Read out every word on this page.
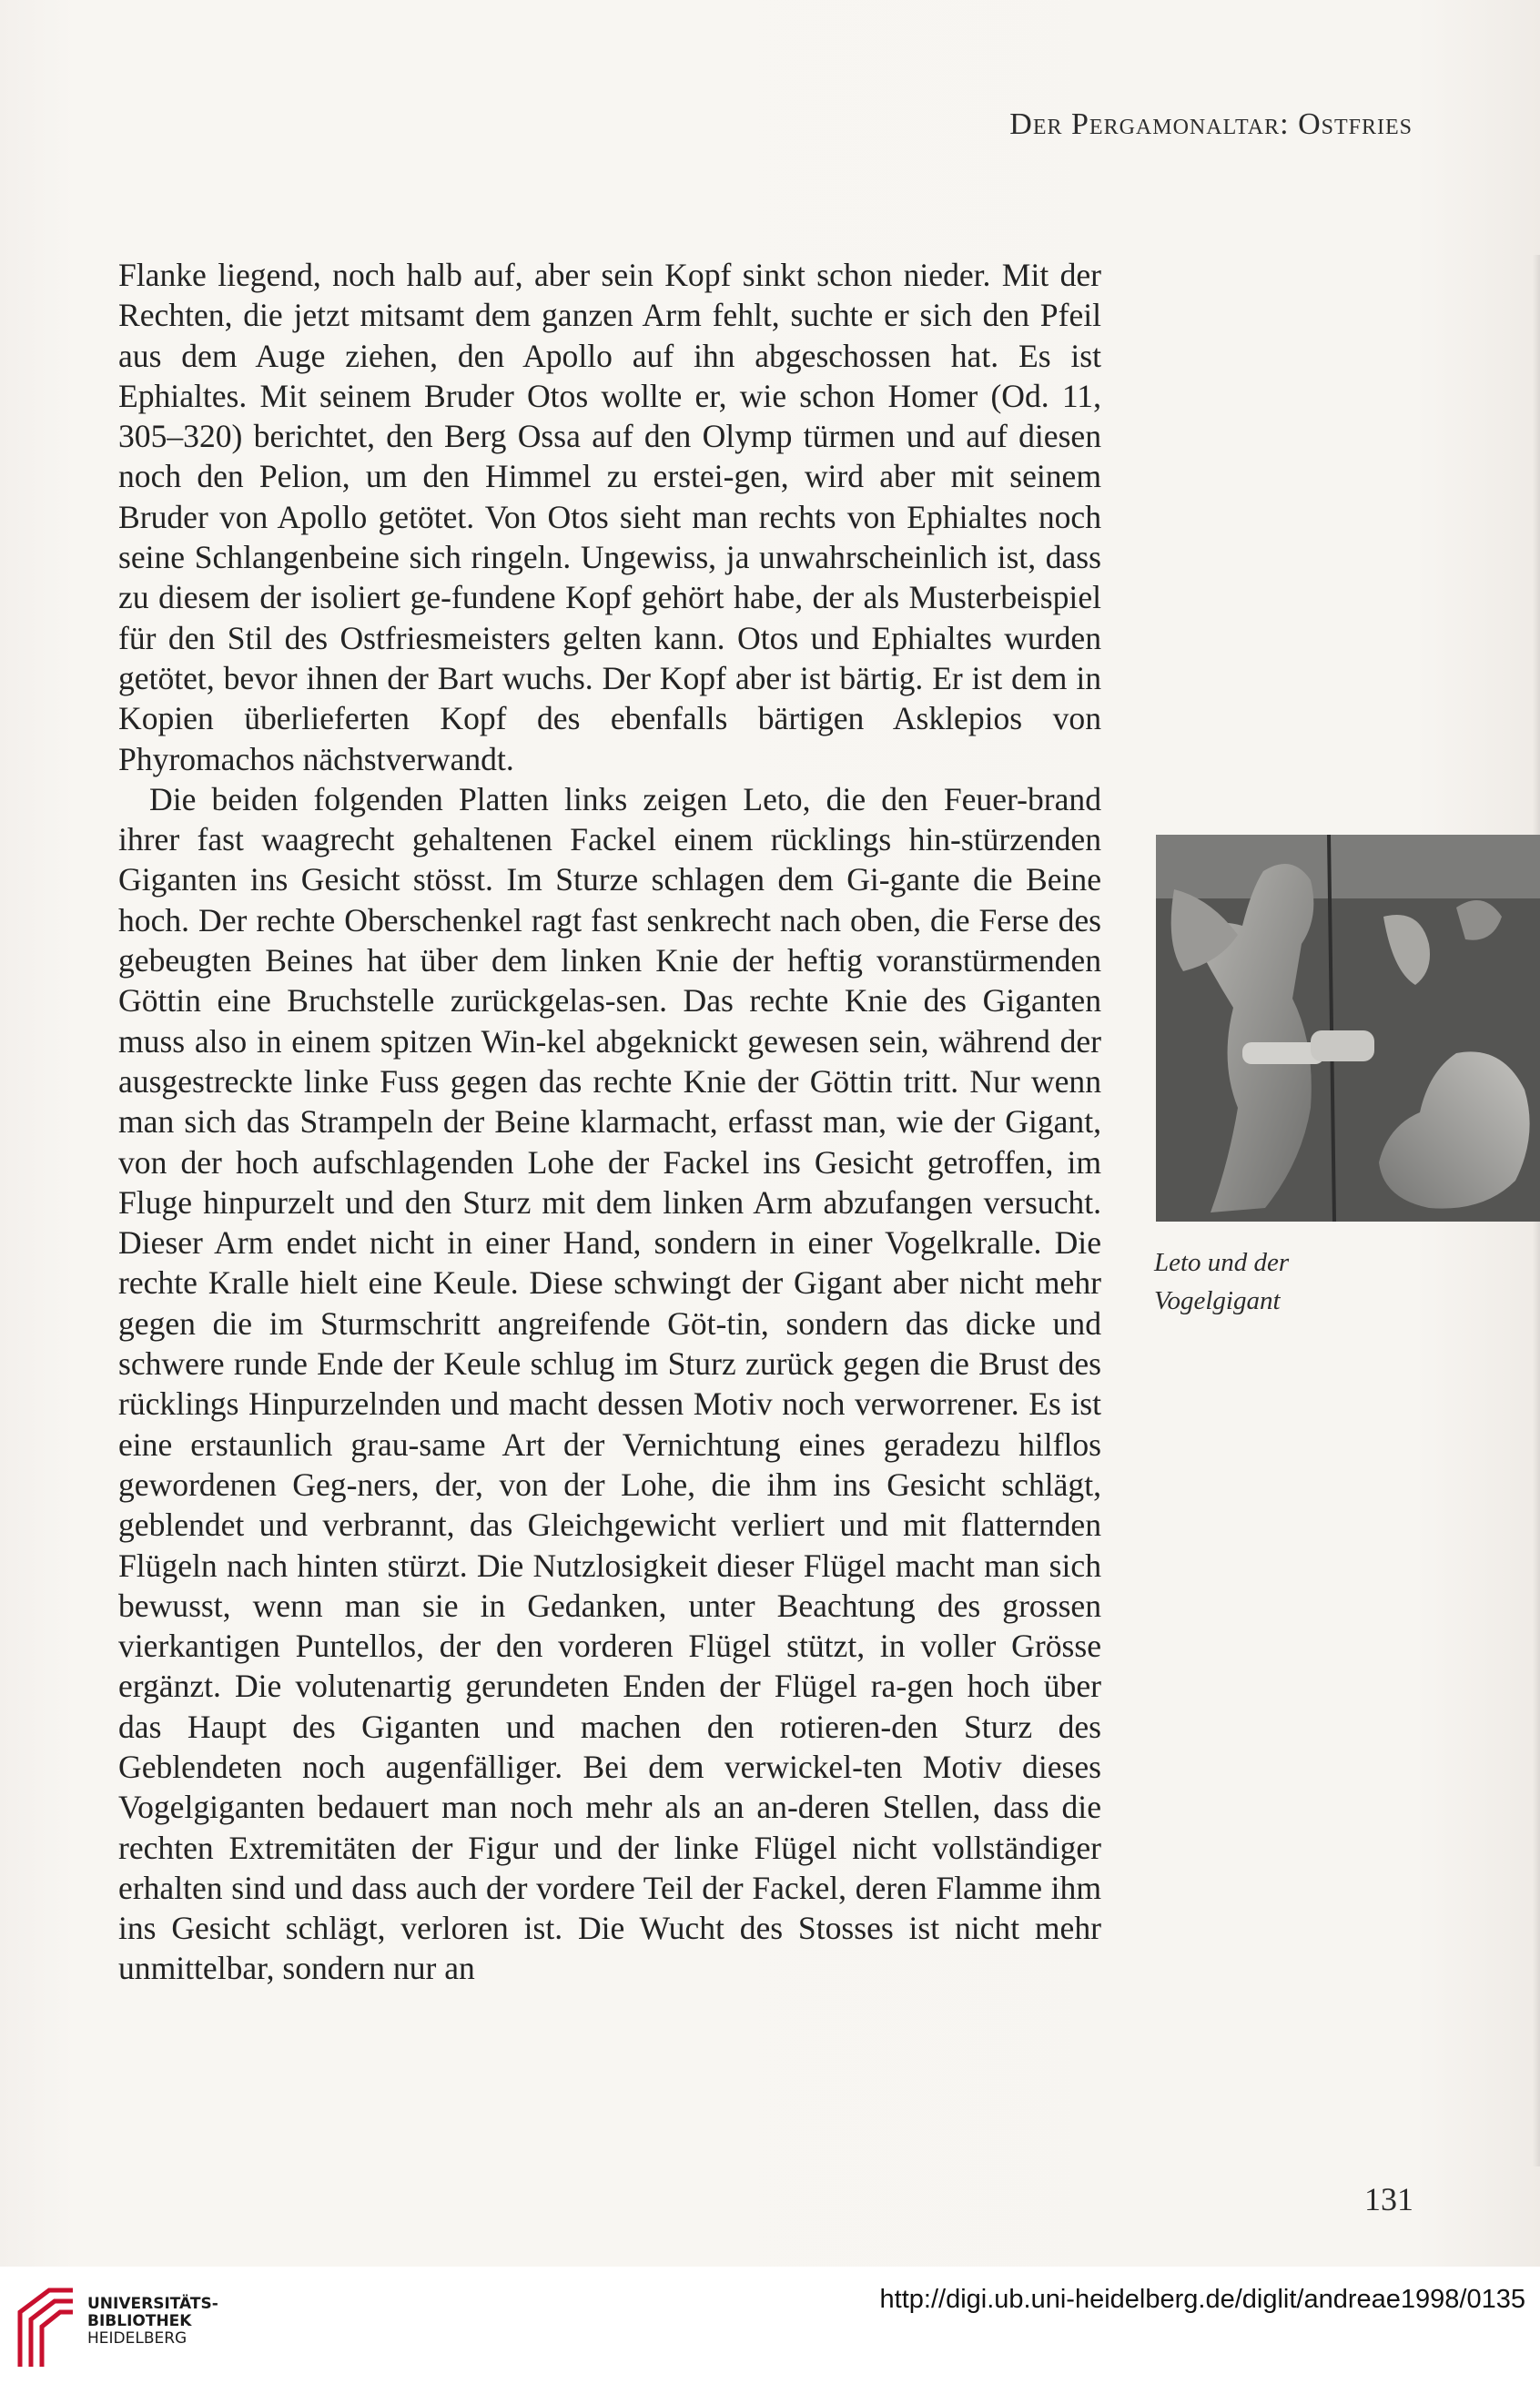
Der Pergamonaltar: Ostfries

Flanke liegend, noch halb auf, aber sein Kopf sinkt schon nieder. Mit der Rechten, die jetzt mitsamt dem ganzen Arm fehlt, suchte er sich den Pfeil aus dem Auge ziehen, den Apollo auf ihn abgeschossen hat. Es ist Ephialtes. Mit seinem Bruder Otos wollte er, wie schon Homer (Od. 11, 305–320) berichtet, den Berg Ossa auf den Olymp türmen und auf diesen noch den Pelion, um den Himmel zu erstei-gen, wird aber mit seinem Bruder von Apollo getötet. Von Otos sieht man rechts von Ephialtes noch seine Schlangenbeine sich ringeln. Ungewiss, ja unwahrscheinlich ist, dass zu diesem der isoliert ge-fundene Kopf gehört habe, der als Musterbeispiel für den Stil des Ostfriesmeisters gelten kann. Otos und Ephialtes wurden getötet, bevor ihnen der Bart wuchs. Der Kopf aber ist bärtig. Er ist dem in Kopien überlieferten Kopf des ebenfalls bärtigen Asklepios von Phyromachos nächstverwandt.

Die beiden folgenden Platten links zeigen Leto, die den Feuer-brand ihrer fast waagrecht gehaltenen Fackel einem rücklings hin-stürzenden Giganten ins Gesicht stösst. Im Sturze schlagen dem Gi-gante die Beine hoch. Der rechte Oberschenkel ragt fast senkrecht nach oben, die Ferse des gebeugten Beines hat über dem linken Knie der heftig voranstürmenden Göttin eine Bruchstelle zurückgelas-sen. Das rechte Knie des Giganten muss also in einem spitzen Win-kel abgeknickt gewesen sein, während der ausgestreckte linke Fuss gegen das rechte Knie der Göttin tritt. Nur wenn man sich das Strampeln der Beine klarmacht, erfasst man, wie der Gigant, von der hoch aufschlagenden Lohe der Fackel ins Gesicht getroffen, im Fluge hinpurzelt und den Sturz mit dem linken Arm abzufangen versucht. Dieser Arm endet nicht in einer Hand, sondern in einer Vogelkralle. Die rechte Kralle hielt eine Keule. Diese schwingt der Gigant aber nicht mehr gegen die im Sturmschritt angreifende Göt-tin, sondern das dicke und schwere runde Ende der Keule schlug im Sturz zurück gegen die Brust des rücklings Hinpurzelnden und macht dessen Motiv noch verworrener. Es ist eine erstaunlich grau-same Art der Vernichtung eines geradezu hilflos gewordenen Geg-ners, der, von der Lohe, die ihm ins Gesicht schlägt, geblendet und verbrannt, das Gleichgewicht verliert und mit flatternden Flügeln nach hinten stürzt. Die Nutzlosigkeit dieser Flügel macht man sich bewusst, wenn man sie in Gedanken, unter Beachtung des grossen vierkantigen Puntellos, der den vorderen Flügel stützt, in voller Grösse ergänzt. Die volutenartig gerundeten Enden der Flügel ra-gen hoch über das Haupt des Giganten und machen den rotieren-den Sturz des Geblendeten noch augenfälliger. Bei dem verwickel-ten Motiv dieses Vogelgiganten bedauert man noch mehr als an an-deren Stellen, dass die rechten Extremitäten der Figur und der linke Flügel nicht vollständiger erhalten sind und dass auch der vordere Teil der Fackel, deren Flamme ihm ins Gesicht schlägt, verloren ist. Die Wucht des Stosses ist nicht mehr unmittelbar, sondern nur an

Leto und der
Vogelgigant
131
UNIVERSITÄTS-
BIBLIOTHEK
HEIDELBERG
http://digi.ub.uni-heidelberg.de/diglit/andreae1998/0135
